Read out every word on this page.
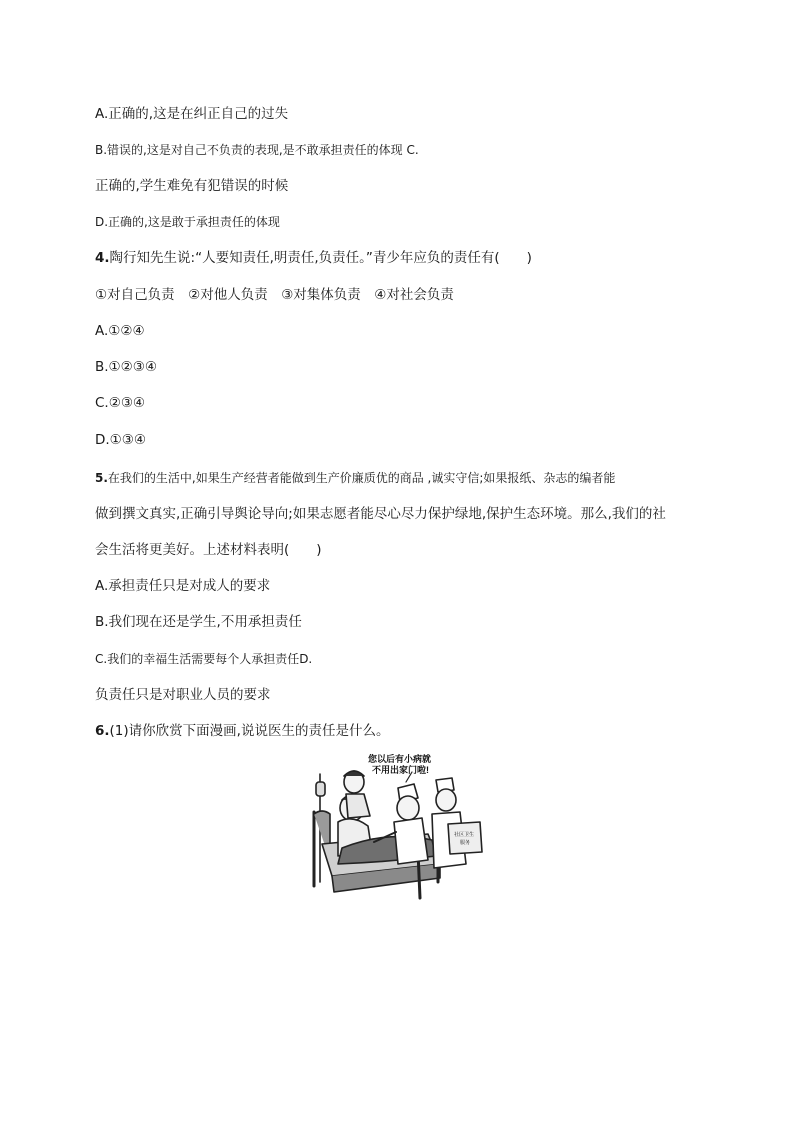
A.正确的,这是在纠正自己的过失
B.错误的,这是对自己不负责的表现,是不敢承担责任的体现 C.
正确的,学生难免有犯错误的时候
D.正确的,这是敢于承担责任的体现
4.陶行知先生说:“人要知责任,明责任,负责任。”青少年应负的责任有(　　)
①对自己负责　②对他人负责　③对集体负责　④对社会负责
A.①②④
B.①②③④
C.②③④
D.①③④
5.在我们的生活中,如果生产经营者能做到生产价廉质优的商品 ,诚实守信;如果报纸、杂志的编者能
做到撰文真实,正确引导舆论导向;如果志愿者能尽心尽力保护绿地,保护生态环境。那么,我们的社
会生活将更美好。上述材料表明(　　)
A.承担责任只是对成人的要求
B.我们现在还是学生,不用承担责任
C.我们的幸福生活需要每个人承担责任D.
负责任只是对职业人员的要求
6.(1)请你欣赏下面漫画,说说医生的责任是什么。
您以后有小病就
不用出家门啦!
社区卫生
服务
